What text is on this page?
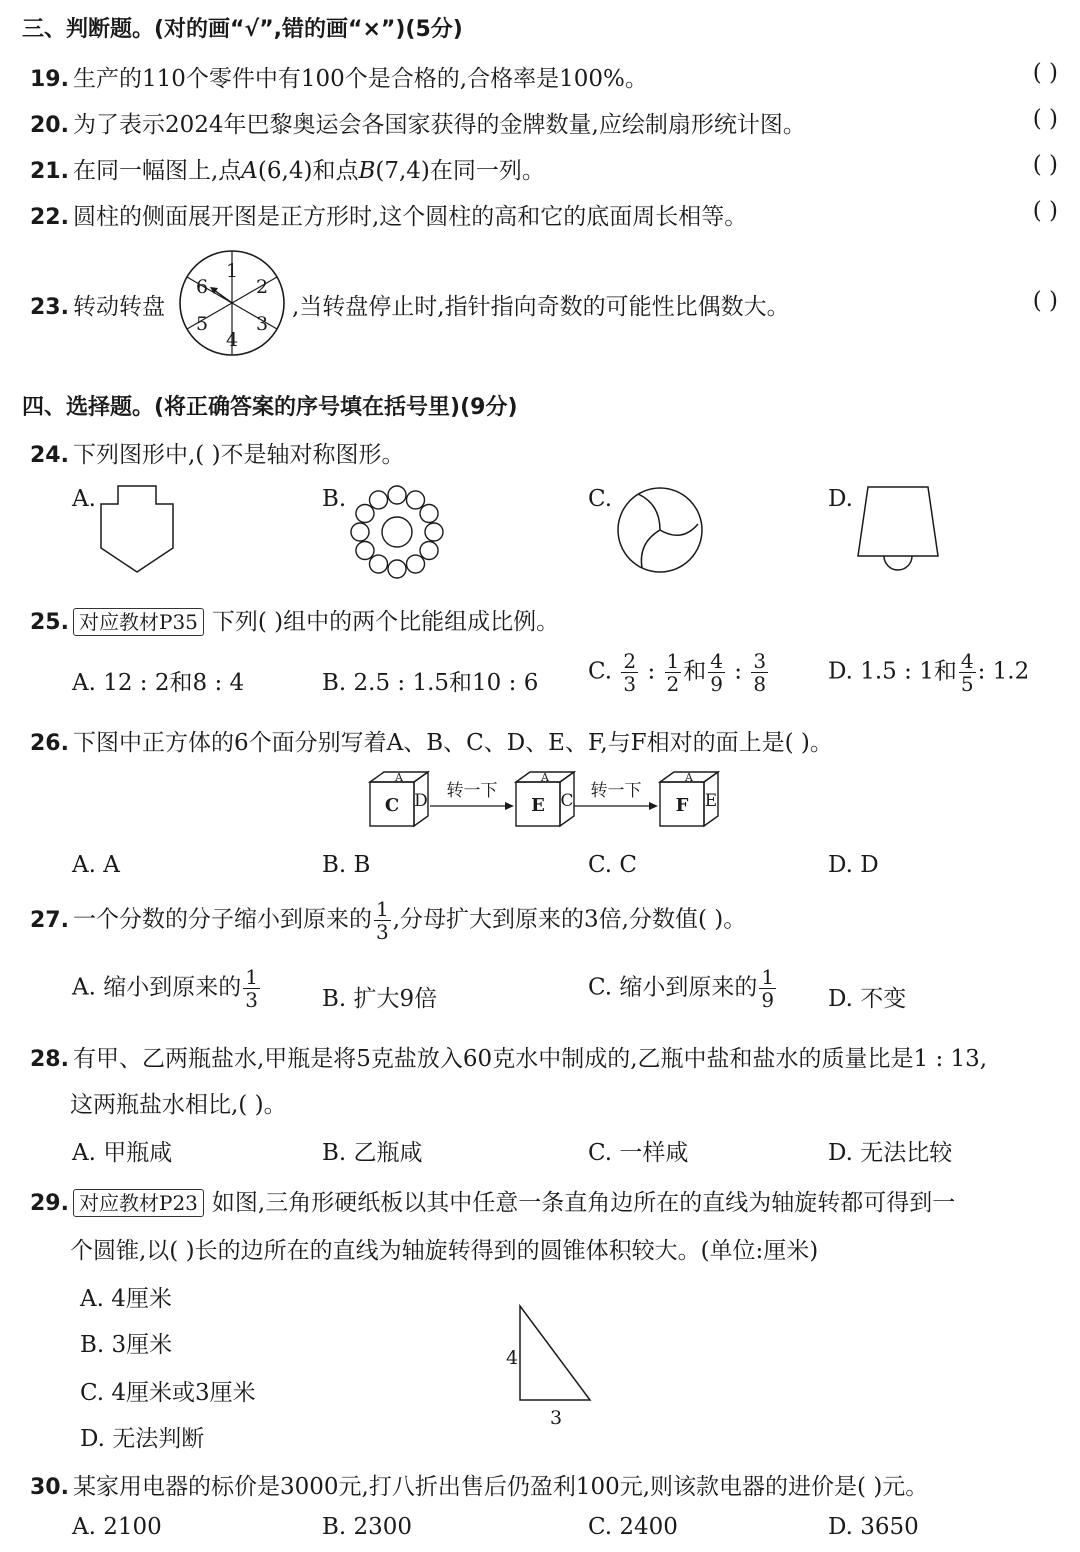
三、判断题。(对的画“√”,错的画“×”)(5分)
19. 生产的110个零件中有100个是合格的,合格率是100%。	( )
20. 为了表示2024年巴黎奥运会各国家获得的金牌数量,应绘制扇形统计图。	( )
21. 在同一幅图上,点A(6,4)和点B(7,4)在同一列。	( )
22. 圆柱的侧面展开图是正方形时,这个圆柱的高和它的底面周长相等。	( )
23. 转动转盘
1
2
3
4
5
6
,当转盘停止时,指针指向奇数的可能性比偶数大。	( )
四、选择题。(将正确答案的序号填在括号里)(9分)
24. 下列图形中,( )不是轴对称图形。
A.	B.	C.	D.
25. 对应教材P35 下列( )组中的两个比能组成比例。
A. 12 : 2和8 : 4	B. 2.5 : 1.5和10 : 6 C. $\frac{2}{3}$ : $\frac{1}{2}$ 和 $\frac{4}{9}$ : $\frac{3}{8}$	D. 1.5 : 1和 $\frac{4}{5}$ : 1.2
26. 下图中正方体的6个面分别写着A、B、C、D、E、F,与F相对的面上是( )。
C D
A
E C
A
F E
A
转一下	转一下
A. A	B. B	C. C	D. D
27. 一个分数的分子缩小到原来的 $\frac{1}{3}$ ,分母扩大到原来的3倍,分数值( )。
A. 缩小到原来的 $\frac{1}{3}$	B. 扩大9倍	C. 缩小到原来的 $\frac{1}{9} D$. 不变
28. 有甲、乙两瓶盐水,甲瓶是将5克盐放入60克水中制成的,乙瓶中盐和盐水的质量比是1 : 13,
这两瓶盐水相比,( )。
A. 甲瓶咸	B. 乙瓶咸	C. 一样咸	D. 无法比较
29. 对应教材P23 如图,三角形硬纸板以其中任意一条直角边所在的直线为轴旋转都可得到一
个圆锥,以( )长的边所在的直线为轴旋转得到的圆锥体积较大。(单位:厘米)
A. 4厘米
B. 3厘米
C. 4厘米或3厘米
D. 无法判断
4
3
30. 某家用电器的标价是3000元,打八折出售后仍盈利100元,则该款电器的进价是( )元。
A. 2100	B. 2300	C. 2400	D. 3650
